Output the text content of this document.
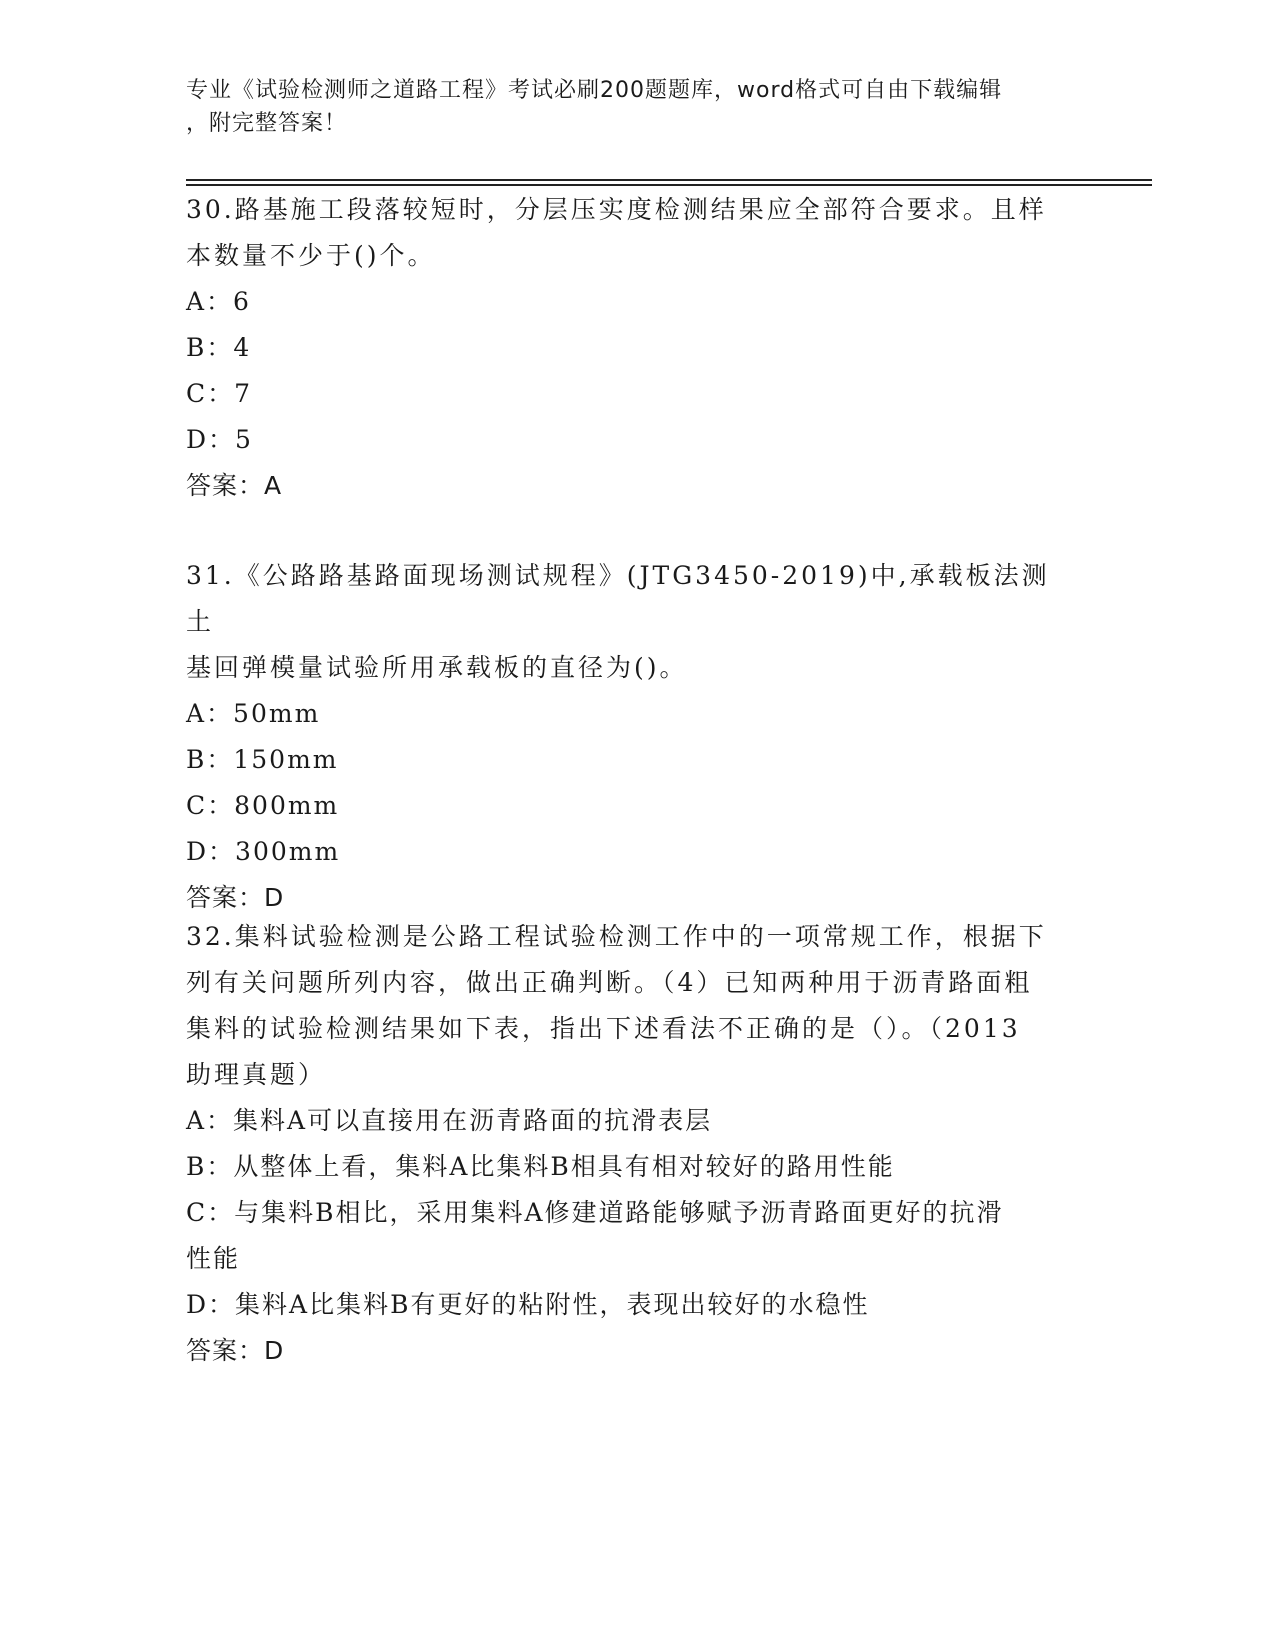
专业《试验检测师之道路工程》考试必刷200题题库，word格式可自由下载编辑
，附完整答案！

30.路基施工段落较短时，分层压实度检测结果应全部符合要求。且样

本数量不少于()个。

A：6

B：4

C：7

D：5

答案：A

31.《公路路基路面现场测试规程》(JTG3450-2019)中,承载板法测土

基回弹模量试验所用承载板的直径为()。

A：50mm

B：150mm

C：800mm

D：300mm

答案：D

32.集料试验检测是公路工程试验检测工作中的一项常规工作，根据下

列有关问题所列内容，做出正确判断。（4）已知两种用于沥青路面粗

集料的试验检测结果如下表，指出下述看法不正确的是（）。（2013

助理真题）

A：集料A可以直接用在沥青路面的抗滑表层

B：从整体上看，集料A比集料B相具有相对较好的路用性能

C：与集料B相比，采用集料A修建道路能够赋予沥青路面更好的抗滑

性能

D：集料A比集料B有更好的粘附性，表现出较好的水稳性

答案：D
